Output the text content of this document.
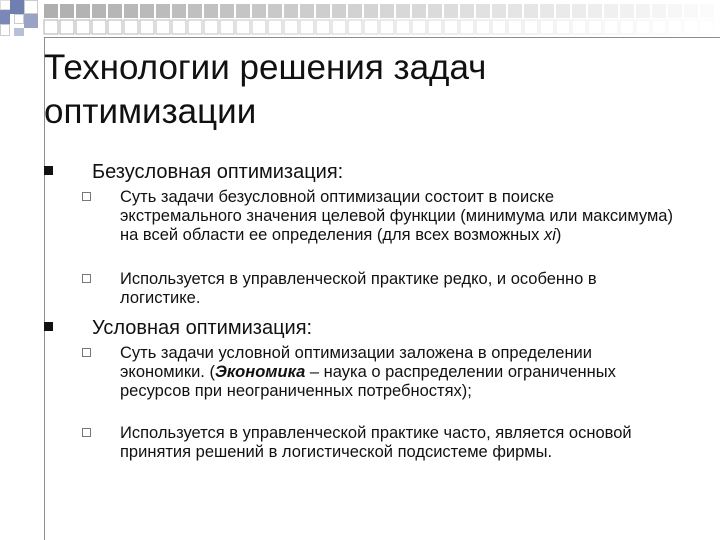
Технологии решения задач
оптимизации
Безусловная оптимизация:
Суть задачи безусловной оптимизации состоит в поиске экстремального значения целевой функции (минимума или максимума) на всей области ее определения (для всех возможных xi)
Используется в управленческой практике редко, и особенно в логистике.
Условная оптимизация:
Суть задачи условной оптимизации заложена в определении экономики. (Экономика – наука о распределении ограниченных ресурсов при неограниченных потребностях);
Используется в управленческой практике часто, является основой принятия решений в логистической подсистеме фирмы.
